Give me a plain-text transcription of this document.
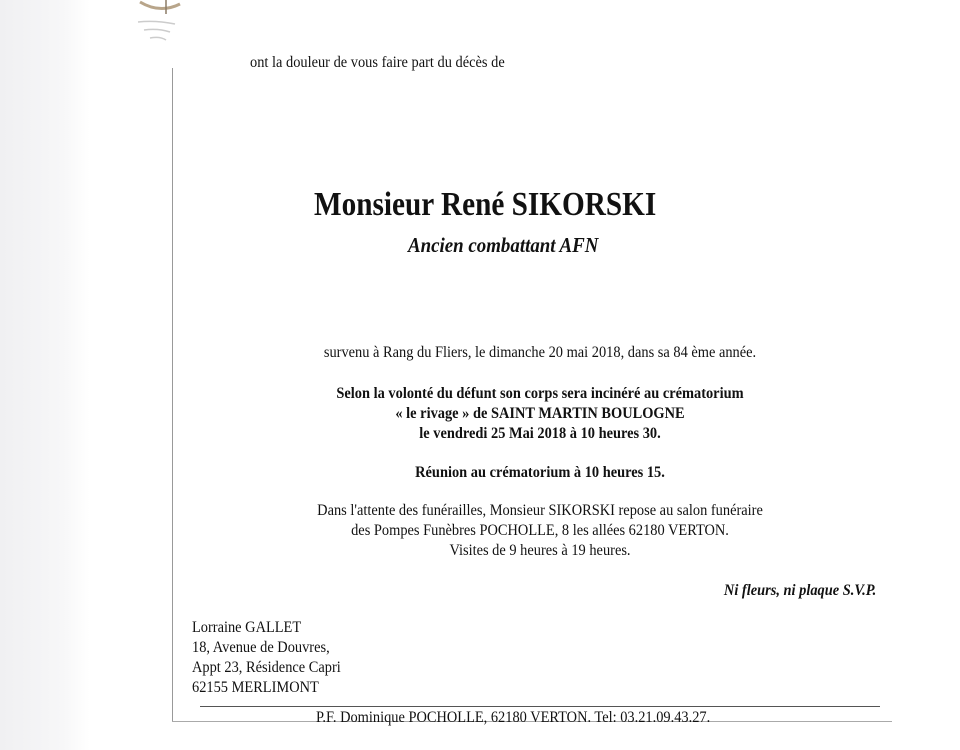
ont la douleur de vous faire part du décès de
Monsieur René SIKORSKI
Ancien combattant AFN
survenu à Rang du Fliers, le dimanche 20 mai 2018, dans sa 84 ème année.
Selon la volonté du défunt son corps sera incinéré au crématorium
« le rivage » de SAINT MARTIN BOULOGNE
le vendredi 25 Mai 2018 à 10 heures 30.
Réunion au crématorium à 10 heures 15.
Dans l'attente des funérailles, Monsieur SIKORSKI repose au salon funéraire
des Pompes Funèbres POCHOLLE, 8 les allées 62180 VERTON.
Visites de 9 heures à 19 heures.
Ni fleurs, ni plaque S.V.P.
Lorraine GALLET
18, Avenue de Douvres,
Appt 23, Résidence Capri
62155 MERLIMONT
P.F. Dominique POCHOLLE, 62180 VERTON. Tel: 03.21.09.43.27.
